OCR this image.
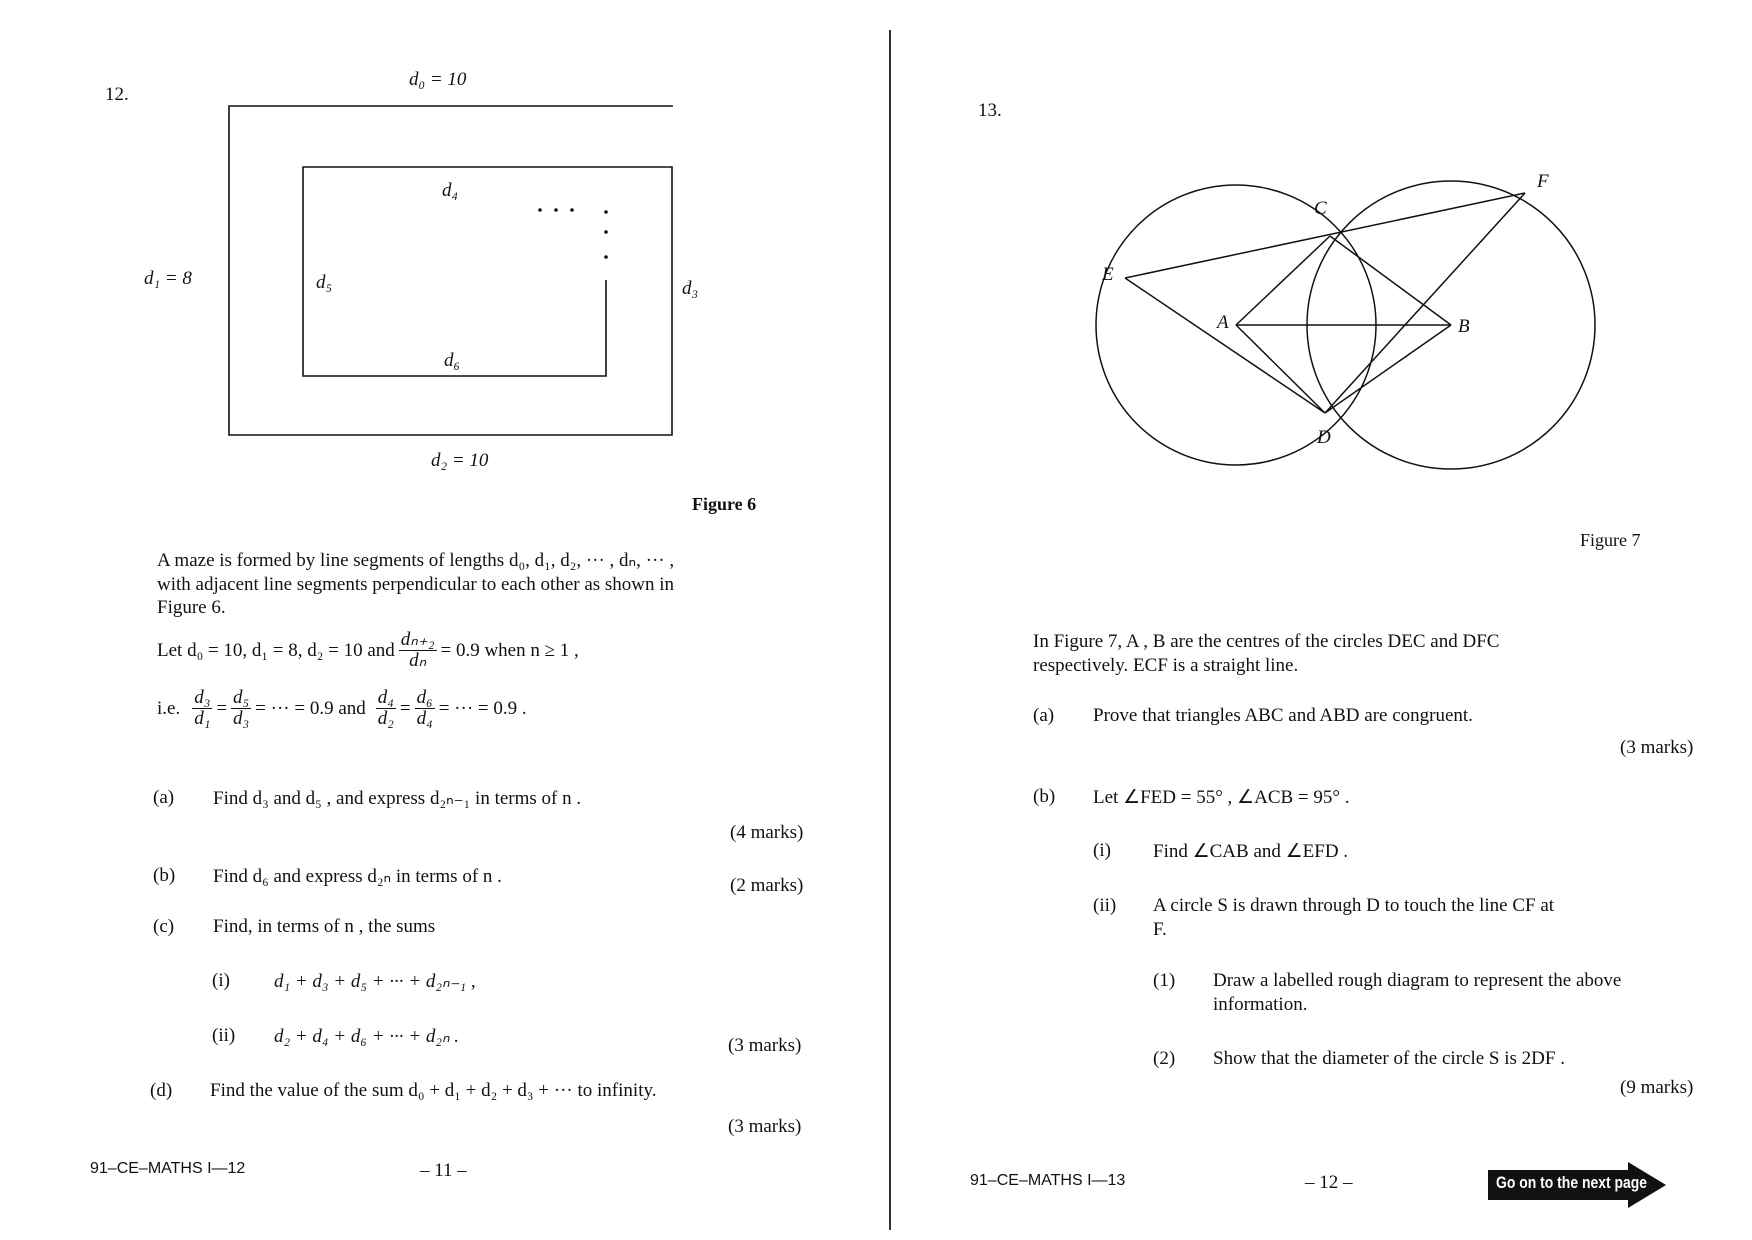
12.
d₀ = 10
d₁ = 8
d₂ = 10
d₃
d₄
d₅
d₆
Figure 6
A maze is formed by line segments of lengths d₀, d₁, d₂, ··· , dₙ, ··· ,
with adjacent line segments perpendicular to each other as shown in
Figure 6.
Let d₀ = 10, d₁ = 8, d₂ = 10 and $\frac{\text{dₙ₊₂}}{\text{dₙ}} = 0.9$ when n ≥ 1 ,
i.e. $\frac{\text{d₃}}{\text{d₁}} = \frac{\text{d₅}}{\text{d₃}}$ = ··· = 0.9 and $\frac{\text{d₄}}{\text{d₂}} = \frac{\text{d₆}}{\text{d₄}}$ = ··· = 0.9 .
(a) Find d₃ and d₅ , and express d₂ₙ₋₁ in terms of n .
(4 marks)
(b) Find d₆ and express d₂ₙ in terms of n .	(2 marks)
(c) Find, in terms of n , the sums
(i) d₁ + d₃ + d₅ + ··· + d₂ₙ₋₁ ,
(ii) d₂ + d₄ + d₆ + ··· + d₂ₙ .	(3 marks)
(d) Find the value of the sum d₀ + d₁ + d₂ + d₃ + ··· to infinity.
(3 marks)
91–CE–MATHS I—12	– 11 –
13.
C
F
E
A	B
D
Figure 7
In Figure 7, A , B are the centres of the circles DEC and DFC
respectively. ECF is a straight line.
(a) Prove that triangles ABC and ABD are congruent.
(3 marks)
(b) Let ∠FED = 55° , ∠ACB = 95° .
(i) Find ∠CAB and ∠EFD .
(ii) A circle S is drawn through D to touch the line CF at
F.
(1) Draw a labelled rough diagram to represent the above
information.
(2) Show that the diameter of the circle S is 2DF .
(9 marks)
91–CE–MATHS I—13	– 12 –	Go on to the next page
